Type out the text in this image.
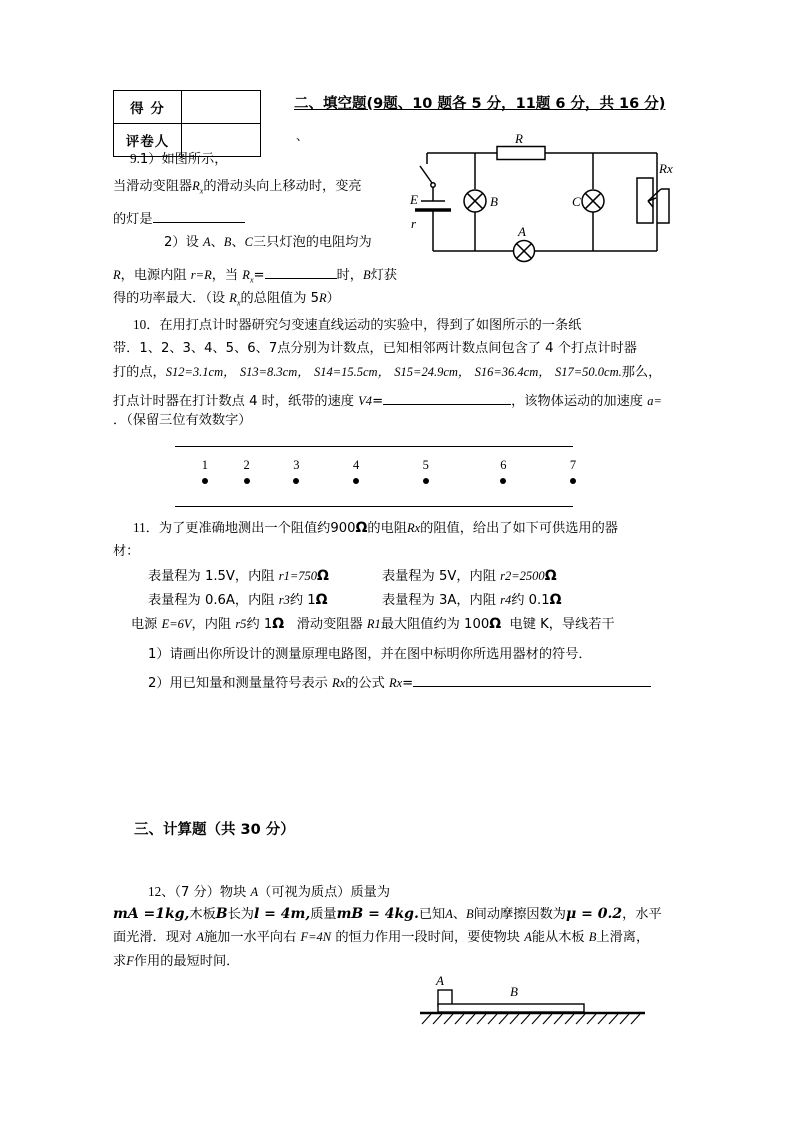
得 分
评卷人
二、填空题(9题、10 题各 5 分，11题 6 分，共 16 分)
、
9.1）如图所示，
当滑动变阻器$R_x$的滑动头向上移动时，变亮
的灯是
2）设 A、B、C三只灯泡的电阻均为
R，电源内阻 r=R，当 $R_x=$	时，B灯获
得的功率最大．（设 $R_x$的总阻值为 5R）
R
Rx
E
r
A
B	C
10．在用打点计时器研究匀变速直线运动的实验中，得到了如图所示的一条纸
带．1、2、3、4、5、6、7点分别为计数点，已知相邻两计数点间包含了 4 个打点计时器
打的点，S12=3.1cm， S13=8.3cm， S14=15.5cm， S15=24.9cm， S16=36.4cm， S17=50.0cm.那么，
打点计时器在打计数点 4 时，纸带的速度 V4=	，该物体运动的加速度 a=
．（保留三位有效数字）
1	2	3	4	5	6	7
11．为了更准确地测出一个阻值约900Ω的电阻Rx的阻值，给出了如下可供选用的器
材：
表量程为 1.5V，内阻 r1=750Ω	表量程为 5V，内阻 r2=2500Ω
表量程为 0.6A，内阻 r3约 1Ω	表量程为 3A，内阻 r4约 0.1Ω
电源 E=6V，内阻 r5约 1Ω 滑动变阻器 R1最大阻值约为 100Ω 电键 K，导线若干
1）请画出你所设计的测量原理电路图，并在图中标明你所选用器材的符号．
2）用已知量和测量量符号表示 Rx的公式 Rx=
三、计算题（共 30 分）
12、（7 分）物块 A（可视为质点）质量为
mA =1kg,木板B长为l = 4m,质量mB = 4kg.已知A、B间动摩擦因数为μ = 0.2，水平
面光滑．现对 A施加一水平向右 F=4N 的恒力作用一段时间，要使物块 A能从木板 B上滑离，
求F作用的最短时间．
A
B
